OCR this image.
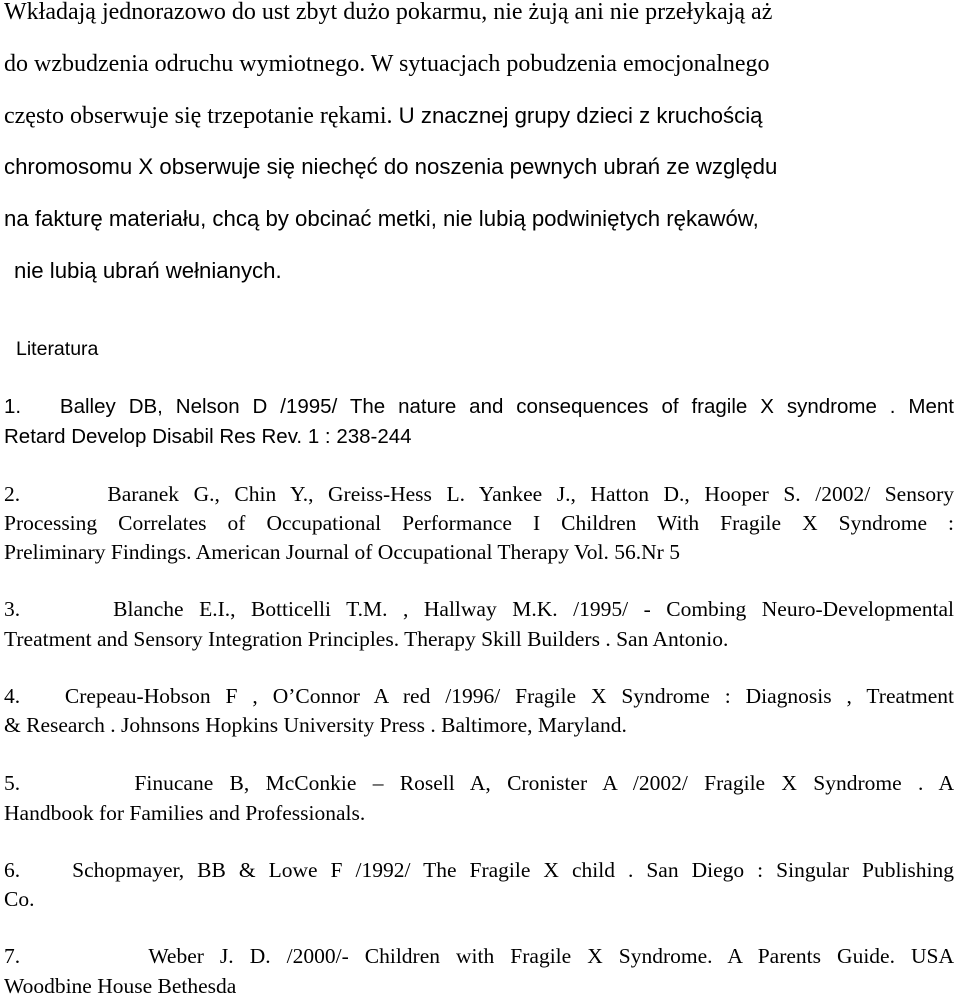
Wkładają jednorazowo do ust zbyt dużo pokarmu, nie żują ani nie przełykają aż
do wzbudzenia odruchu wymiotnego. W sytuacjach pobudzenia emocjonalnego
często obserwuje się trzepotanie rękami. U znacznej grupy dzieci z kruchością
chromosomu X obserwuje się niechęć do noszenia pewnych ubrań ze względu
na fakturę materiału, chcą by obcinać metki, nie lubią podwiniętych rękawów,
nie lubią ubrań wełnianych.
Literatura
1. Balley DB, Nelson D /1995/ The nature and consequences of fragile X syndrome . Ment
Retard Develop Disabil Res Rev. 1 : 238-244
2.	Baranek G., Chin Y., Greiss-Hess L. Yankee J., Hatton D., Hooper S. /2002/ Sensory
Processing Correlates of Occupational Performance I Children With Fragile X Syndrome :
Preliminary Findings. American Journal of Occupational Therapy Vol. 56.Nr 5
3.	Blanche E.I., Botticelli T.M. , Hallway M.K. /1995/ - Combing Neuro-Developmental
Treatment and Sensory Integration Principles. Therapy Skill Builders . San Antonio.
4. Crepeau-Hobson F , O’Connor A red /1996/ Fragile X Syndrome : Diagnosis , Treatment
& Research . Johnsons Hopkins University Press . Baltimore, Maryland.
5.	Finucane B, McConkie – Rosell A, Cronister A /2002/ Fragile X Syndrome . A
Handbook for Families and Professionals.
6. Schopmayer, BB & Lowe F /1992/ The Fragile X child . San Diego : Singular Publishing
Co.
7.	Weber J. D. /2000/- Children with Fragile X Syndrome. A Parents Guide. USA
Woodbine House Bethesda
